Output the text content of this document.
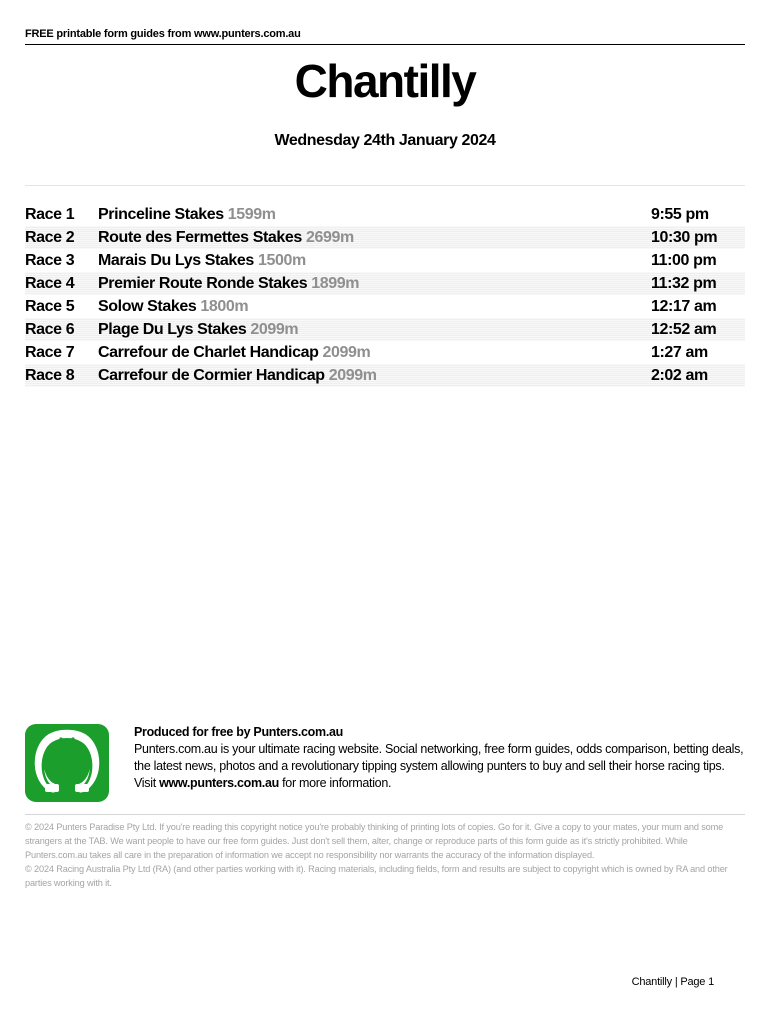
FREE printable form guides from www.punters.com.au
Chantilly
Wednesday 24th January 2024
Race 1 Princeline Stakes 1599m	9:55 pm
Race 2 Route des Fermettes Stakes 2699m	10:30 pm
Race 3 Marais Du Lys Stakes 1500m	11:00 pm
Race 4 Premier Route Ronde Stakes 1899m	11:32 pm
Race 5 Solow Stakes 1800m	12:17 am
Race 6 Plage Du Lys Stakes 2099m	12:52 am
Race 7 Carrefour de Charlet Handicap 2099m	1:27 am
Race 8 Carrefour de Cormier Handicap 2099m	2:02 am
Produced for free by Punters.com.au
Punters.com.au is your ultimate racing website. Social networking, free form guides, odds comparison, betting deals, the latest news, photos and a revolutionary tipping system allowing punters to buy and sell their horse racing tips.
Visit www.punters.com.au for more information.
© 2024 Punters Paradise Pty Ltd. If you're reading this copyright notice you're probably thinking of printing lots of copies. Go for it. Give a copy to your mates, your mum and some strangers at the TAB. We want people to have our free form guides. Just don't sell them, alter, change or reproduce parts of this form guide as it's strictly prohibited. While Punters.com.au takes all care in the preparation of information we accept no responsibility nor warrants the accuracy of the information displayed.
© 2024 Racing Australia Pty Ltd (RA) (and other parties working with it). Racing materials, including fields, form and results are subject to copyright which is owned by RA and other parties working with it.
Chantilly | Page 1
